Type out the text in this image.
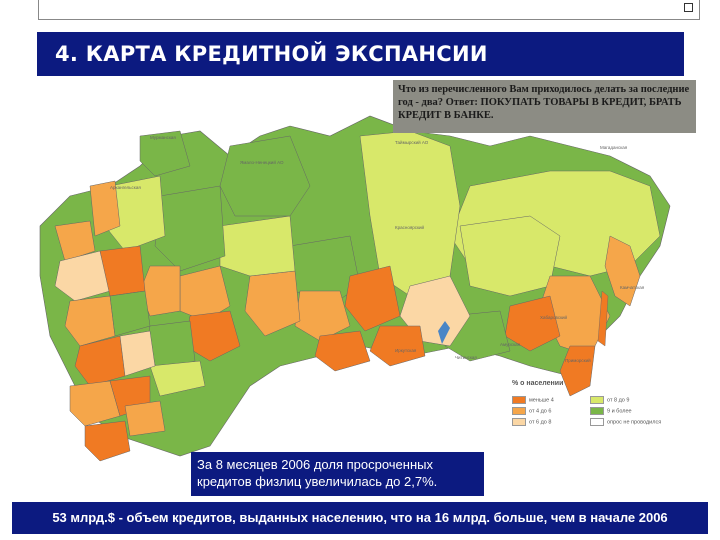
4. КАРТА КРЕДИТНОЙ ЭКСПАНСИИ
Мурманская
Архангельская
Ямало-Ненецкий АО
Таймырский АО
Красноярский
Магаданская
Камчатская
Хабаровский
Амурская
Приморский
Читинская
Иркутская
% о населении
меньше 4
от 4 до 6
от 6 до 8
от 8 до 9
9 и более
опрос не проводился
Что из перечисленного Вам приходилось делать за последние год - два? Ответ: ПОКУПАТЬ ТОВАРЫ В КРЕДИТ, БРАТЬ КРЕДИТ В БАНКЕ.
За 8 месяцев 2006 доля просроченных кредитов физлиц увеличилась до 2,7%.
53 млрд.$ - объем кредитов, выданных населению, что на 16 млрд. больше, чем в начале 2006
